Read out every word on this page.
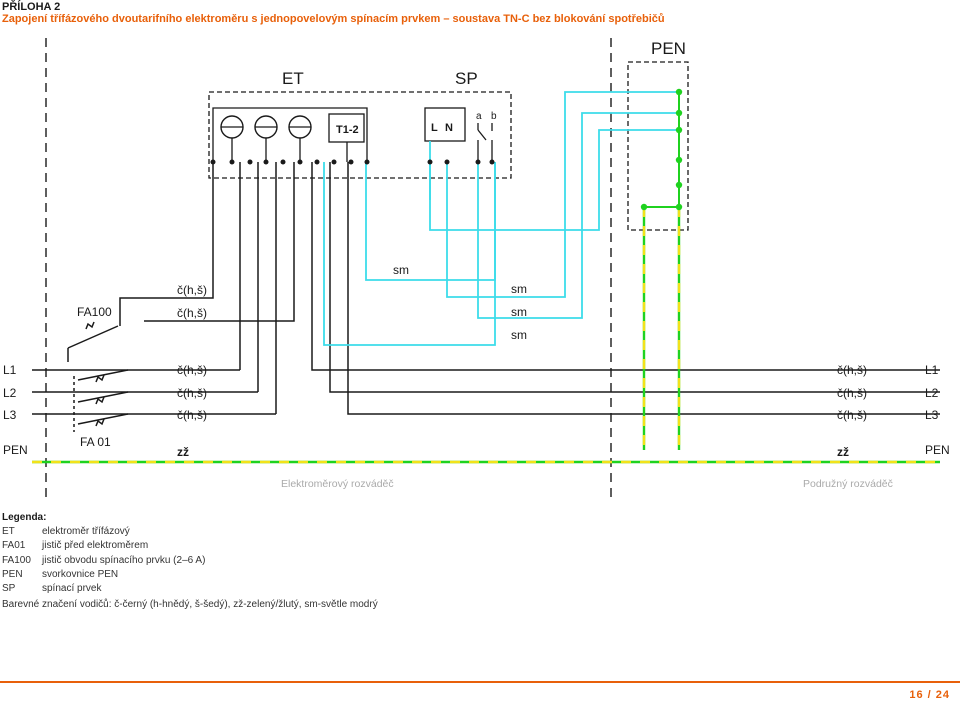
PŘÍLOHA 2
Zapojení třífázového dvoutarifního elektroměru s jednopovelovým spínacím prvkem – soustava TN-C bez blokování spotřebičů
ET	SP
PEN
T1-2	L N
a b
FA100
FA 01
sm
sm
sm
sm
č(h,š)
č(h,š)
č(h,š)
č(h,š)
č(h,š)
č(h,š)
č(h,š)
č(h,š)
zž	zž
L1
L2
L3
PEN
L1
L2
L3
PEN
Elektroměrový rozváděč	Podružný rozváděč
Legenda:
ET	elektroměr třífázový
FA01	jistič před elektroměrem
FA100	jistič obvodu spínacího prvku (2–6 A)
PEN	svorkovnice PEN
SP	spínací prvek
Barevné značení vodičů: č-černý (h-hnědý, š-šedý), zž-zelený/žlutý, sm-světle modrý
16 / 24
